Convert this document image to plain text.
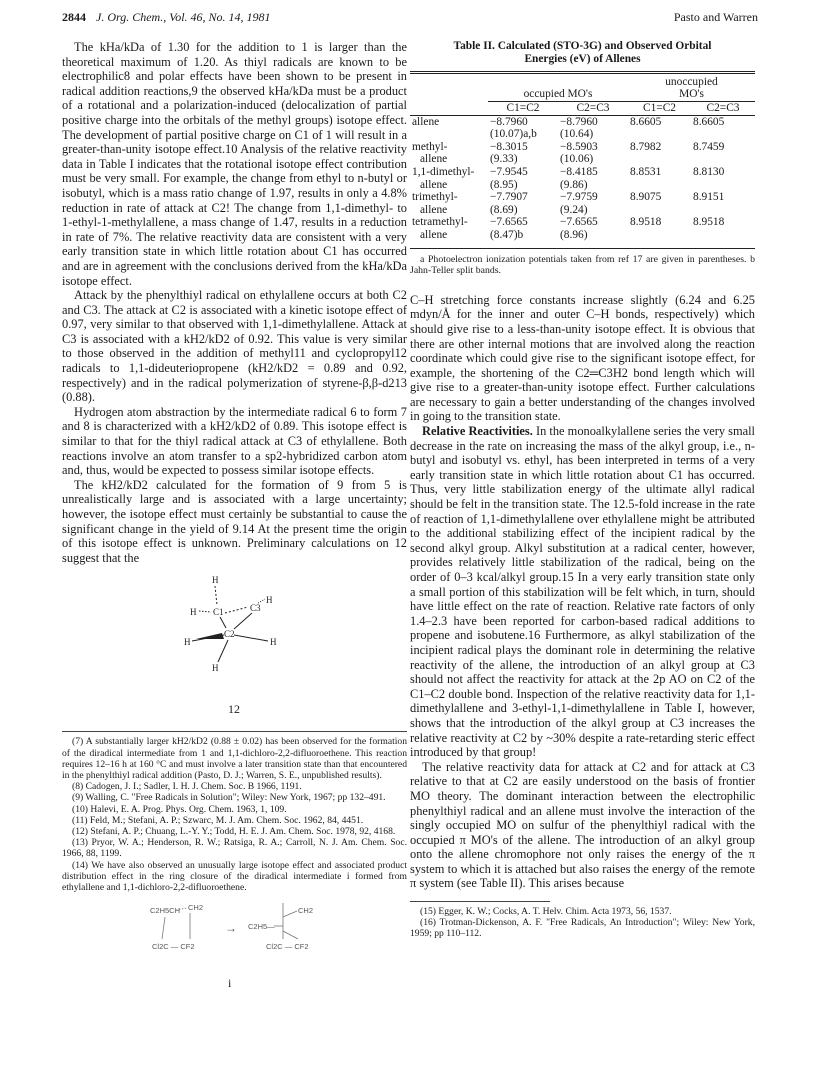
2844 J. Org. Chem., Vol. 46, No. 14, 1981	Pasto and Warren

The kHa/kDa of 1.30 for the addition to 1 is larger than the theoretical maximum of 1.20. As thiyl radicals are known to be electrophilic8 and polar effects have been shown to be present in radical addition reactions,9 the observed kHa/kDa must be a product of a rotational and a polarization-induced (delocalization of partial positive charge into the orbitals of the methyl groups) isotope effect. The development of partial positive charge on C1 of 1 will result in a greater-than-unity isotope effect.10 Analysis of the relative reactivity data in Table I indicates that the rotational isotope effect contribution must be very small. For example, the change from ethyl to n-butyl or isobutyl, which is a mass ratio change of 1.97, results in only a 4.8% reduction in rate of attack at C2! The change from 1,1-dimethyl- to 1-ethyl-1-methylallene, a mass change of 1.47, results in a reduction in rate of 7%. The relative reactivity data are consistent with a very early transition state in which little rotation about C1 has occurred and are in agreement with the conclusions derived from the kHa/kDa isotope effect.

Attack by the phenylthiyl radical on ethylallene occurs at both C2 and C3. The attack at C2 is associated with a kinetic isotope effect of 0.97, very similar to that observed with 1,1-dimethylallene. Attack at C3 is associated with a kH2/kD2 of 0.92. This value is very similar to those observed in the addition of methyl11 and cyclopropyl12 radicals to 1,1-dideuteriopropene (kH2/kD2 = 0.89 and 0.92, respectively) and in the radical polymerization of styrene-β,β-d213 (0.88).

Hydrogen atom abstraction by the intermediate radical 6 to form 7 and 8 is characterized with a kH2/kD2 of 0.89. This isotope effect is similar to that for the thiyl radical attack at C3 of ethylallene. Both reactions involve an atom transfer to a sp2-hybridized carbon atom and, thus, would be expected to possess similar isotope effects.

The kH2/kD2 calculated for the formation of 9 from 5 is unrealistically large and is associated with a large uncertainty; however, the isotope effect must certainly be substantial to cause the significant change in the yield of 9.14 At the present time the origin of this isotope effect is unknown. Preliminary calculations on 12 suggest that the

H
H C1	C3
H
C2
H	H
H
12

(7) A substantially larger kH2/kD2 (0.88 ± 0.02) has been observed for the formation of the diradical intermediate from 1 and 1,1-dichloro-2,2-difluoroethene. This reaction requires 12–16 h at 160 °C and must involve a later transition state than that encountered in the phenylthiyl radical addition (Pasto, D. J.; Warren, S. E., unpublished results).

(8) Cadogen, J. I.; Sadler, I. H. J. Chem. Soc. B 1966, 1191.

(9) Walling, C. "Free Radicals in Solution"; Wiley: New York, 1967; pp 132–491.

(10) Halevi, E. A. Prog. Phys. Org. Chem. 1963, 1, 109.

(11) Feld, M.; Stefani, A. P.; Szwarc, M. J. Am. Chem. Soc. 1962, 84, 4451.

(12) Stefani, A. P.; Chuang, L.-Y. Y.; Todd, H. E. J. Am. Chem. Soc. 1978, 92, 4168.

(13) Pryor, W. A.; Henderson, R. W.; Ratsiga, R. A.; Carroll, N. J. Am. Chem. Soc. 1966, 88, 1199.

(14) We have also observed an unusually large isotope effect and associated product distribution effect in the ring closure of the diradical intermediate i formed from ethylallene and 1,1-dichloro-2,2-difluoroethene.

C2H5CH CH2
Cl2C — CF2
→ C2H5—
CH2
Cl2C — CF2
i
Table II. Calculated (STO-3G) and Observed Orbital
Energies (eV) of Allenes

			unoccupied	
	occupied MO's		MO's	
	C1=C2	C2=C3	C1=C2	C2=C3
allene	−8.7960	−8.7960	8.6605	8.6605
	(10.07)a,b	(10.64)		
methyl-	−8.3015	−8.5903	8.7982	8.7459
allene	(9.33)	(10.06)		
1,1-dimethyl-	−7.9545	−8.4185	8.8531	8.8130
allene	(8.95)	(9.86)		
trimethyl-	−7.7907	−7.9759	8.9075	8.9151
allene	(8.69)	(9.24)		
tetramethyl-	−7.6565	−7.6565	8.9518	8.9518
allene	(8.47)b	(8.96)		
a Photoelectron ionization potentials taken from ref 17 are given in parentheses. b Jahn-Teller split bands.

C–H stretching force constants increase slightly (6.24 and 6.25 mdyn/Å for the inner and outer C–H bonds, respectively) which should give rise to a less-than-unity isotope effect. It is obvious that there are other internal motions that are involved along the reaction coordinate which could give rise to the significant isotope effect, for example, the shortening of the C2═C3H2 bond length which will give rise to a greater-than-unity isotope effect. Further calculations are necessary to gain a better understanding of the changes involved in going to the transition state.

Relative Reactivities. In the monoalkylallene series the very small decrease in the rate on increasing the mass of the alkyl group, i.e., n-butyl and isobutyl vs. ethyl, has been interpreted in terms of a very early transition state in which little rotation about C1 has occurred. Thus, very little stabilization energy of the ultimate allyl radical should be felt in the transition state. The 12.5-fold increase in the rate of reaction of 1,1-dimethylallene over ethylallene might be attributed to the additional stabilizing effect of the incipient radical by the second alkyl group. Alkyl substitution at a radical center, however, provides relatively little stabilization of the radical, being on the order of 0–3 kcal/alkyl group.15 In a very early transition state only a small portion of this stabilization will be felt which, in turn, should have little effect on the rate of reaction. Relative rate factors of only 1.4–2.3 have been reported for carbon-based radical additions to propene and isobutene.16 Furthermore, as alkyl stabilization of the incipient radical plays the dominant role in determining the relative reactivity of the allene, the introduction of an alkyl group at C3 should not affect the reactivity for attack at the 2p AO on C2 of the C1–C2 double bond. Inspection of the relative reactivity data for 1,1-dimethylallene and 3-ethyl-1,1-dimethylallene in Table I, however, shows that the introduction of the alkyl group at C3 increases the relative reactivity at C2 by ~30% despite a rate-retarding steric effect introduced by that group!

The relative reactivity data for attack at C2 and for attack at C3 relative to that at C2 are easily understood on the basis of frontier MO theory. The dominant interaction between the electrophilic phenylthiyl radical and an allene must involve the interaction of the singly occupied MO on sulfur of the phenylthiyl radical with the occupied π MO's of the allene. The introduction of an alkyl group onto the allene chromophore not only raises the energy of the π system to which it is attached but also raises the energy of the remote π system (see Table II). This arises because

(15) Egger, K. W.; Cocks, A. T. Helv. Chim. Acta 1973, 56, 1537.

(16) Trotman-Dickenson, A. F. "Free Radicals, An Introduction"; Wiley: New York, 1959; pp 110–112.
